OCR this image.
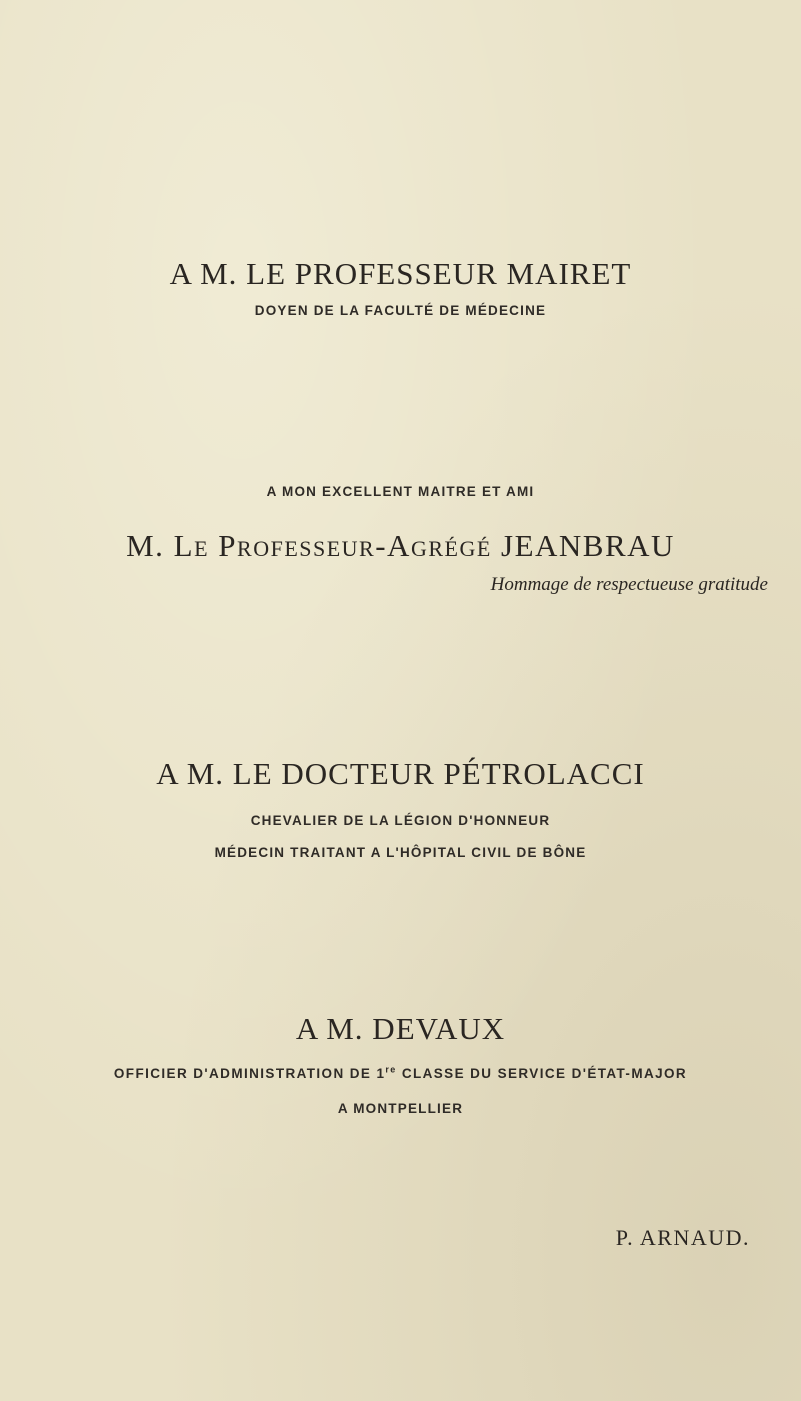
A M. LE PROFESSEUR MAIRET
DOYEN DE LA FACULTÉ DE MÉDECINE
A MON EXCELLENT MAITRE ET AMI
M. Le Professeur-Agrégé JEANBRAU
Hommage de respectueuse gratitude
A M. LE DOCTEUR PÉTROLACCI
CHEVALIER DE LA LÉGION D'HONNEUR
MÉDECIN TRAITANT A L'HÔPITAL CIVIL DE BÔNE
A M. DEVAUX
OFFICIER D'ADMINISTRATION DE 1re CLASSE DU SERVICE D'ÉTAT-MAJOR
A MONTPELLIER
P. ARNAUD.
